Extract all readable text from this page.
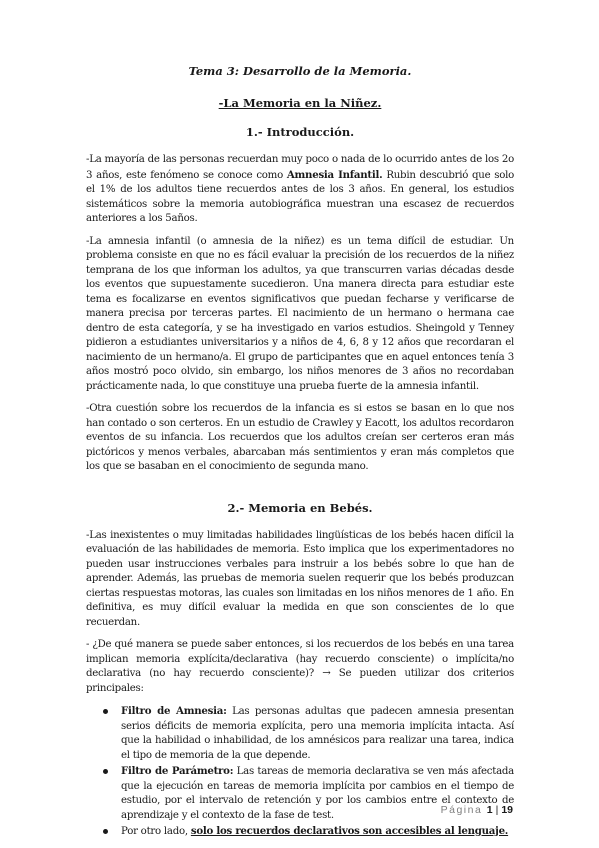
Tema 3: Desarrollo de la Memoria.
-La Memoria en la Niñez.
1.- Introducción.

-La mayoría de las personas recuerdan muy poco o nada de lo ocurrido antes de los 2o 3 años, este fenómeno se conoce como Amnesia Infantil. Rubin descubrió que solo el 1% de los adultos tiene recuerdos antes de los 3 años. En general, los estudios sistemáticos sobre la memoria autobiográfica muestran una escasez de recuerdos anteriores a los 5años.

-La amnesia infantil (o amnesia de la niñez) es un tema difícil de estudiar. Un problema consiste en que no es fácil evaluar la precisión de los recuerdos de la niñez temprana de los que informan los adultos, ya que transcurren varias décadas desde los eventos que supuestamente sucedieron. Una manera directa para estudiar este tema es focalizarse en eventos significativos que puedan fecharse y verificarse de manera precisa por terceras partes. El nacimiento de un hermano o hermana cae dentro de esta categoría, y se ha investigado en varios estudios. Sheingold y Tenney pidieron a estudiantes universitarios y a niños de 4, 6, 8 y 12 años que recordaran el nacimiento de un hermano/a. El grupo de participantes que en aquel entonces tenía 3 años mostró poco olvido, sin embargo, los niños menores de 3 años no recordaban prácticamente nada, lo que constituye una prueba fuerte de la amnesia infantil.

-Otra cuestión sobre los recuerdos de la infancia es si estos se basan en lo que nos han contado o son certeros. En un estudio de Crawley y Eacott, los adultos recordaron eventos de su infancia. Los recuerdos que los adultos creían ser certeros eran más pictóricos y menos verbales, abarcaban más sentimientos y eran más completos que los que se basaban en el conocimiento de segunda mano.

2.- Memoria en Bebés.

-Las inexistentes o muy limitadas habilidades lingüísticas de los bebés hacen difícil la evaluación de las habilidades de memoria. Esto implica que los experimentadores no pueden usar instrucciones verbales para instruir a los bebés sobre lo que han de aprender. Además, las pruebas de memoria suelen requerir que los bebés produzcan ciertas respuestas motoras, las cuales son limitadas en los niños menores de 1 año. En definitiva, es muy difícil evaluar la medida en que son conscientes de lo que recuerdan.

- ¿De qué manera se puede saber entonces, si los recuerdos de los bebés en una tarea implican memoria explícita/declarativa (hay recuerdo consciente) o implícita/no declarativa (no hay recuerdo consciente)? → Se pueden utilizar dos criterios principales:

Filtro de Amnesia: Las personas adultas que padecen amnesia presentan serios déficits de memoria explícita, pero una memoria implícita intacta. Así que la habilidad o inhabilidad, de los amnésicos para realizar una tarea, indica el tipo de memoria de la que depende.
Filtro de Parámetro: Las tareas de memoria declarativa se ven más afectada que la ejecución en tareas de memoria implícita por cambios en el tiempo de estudio, por el intervalo de retención y por los cambios entre el contexto de aprendizaje y el contexto de la fase de test.
Por otro lado, solo los recuerdos declarativos son accesibles al lenguaje.
Página 1 | 19
